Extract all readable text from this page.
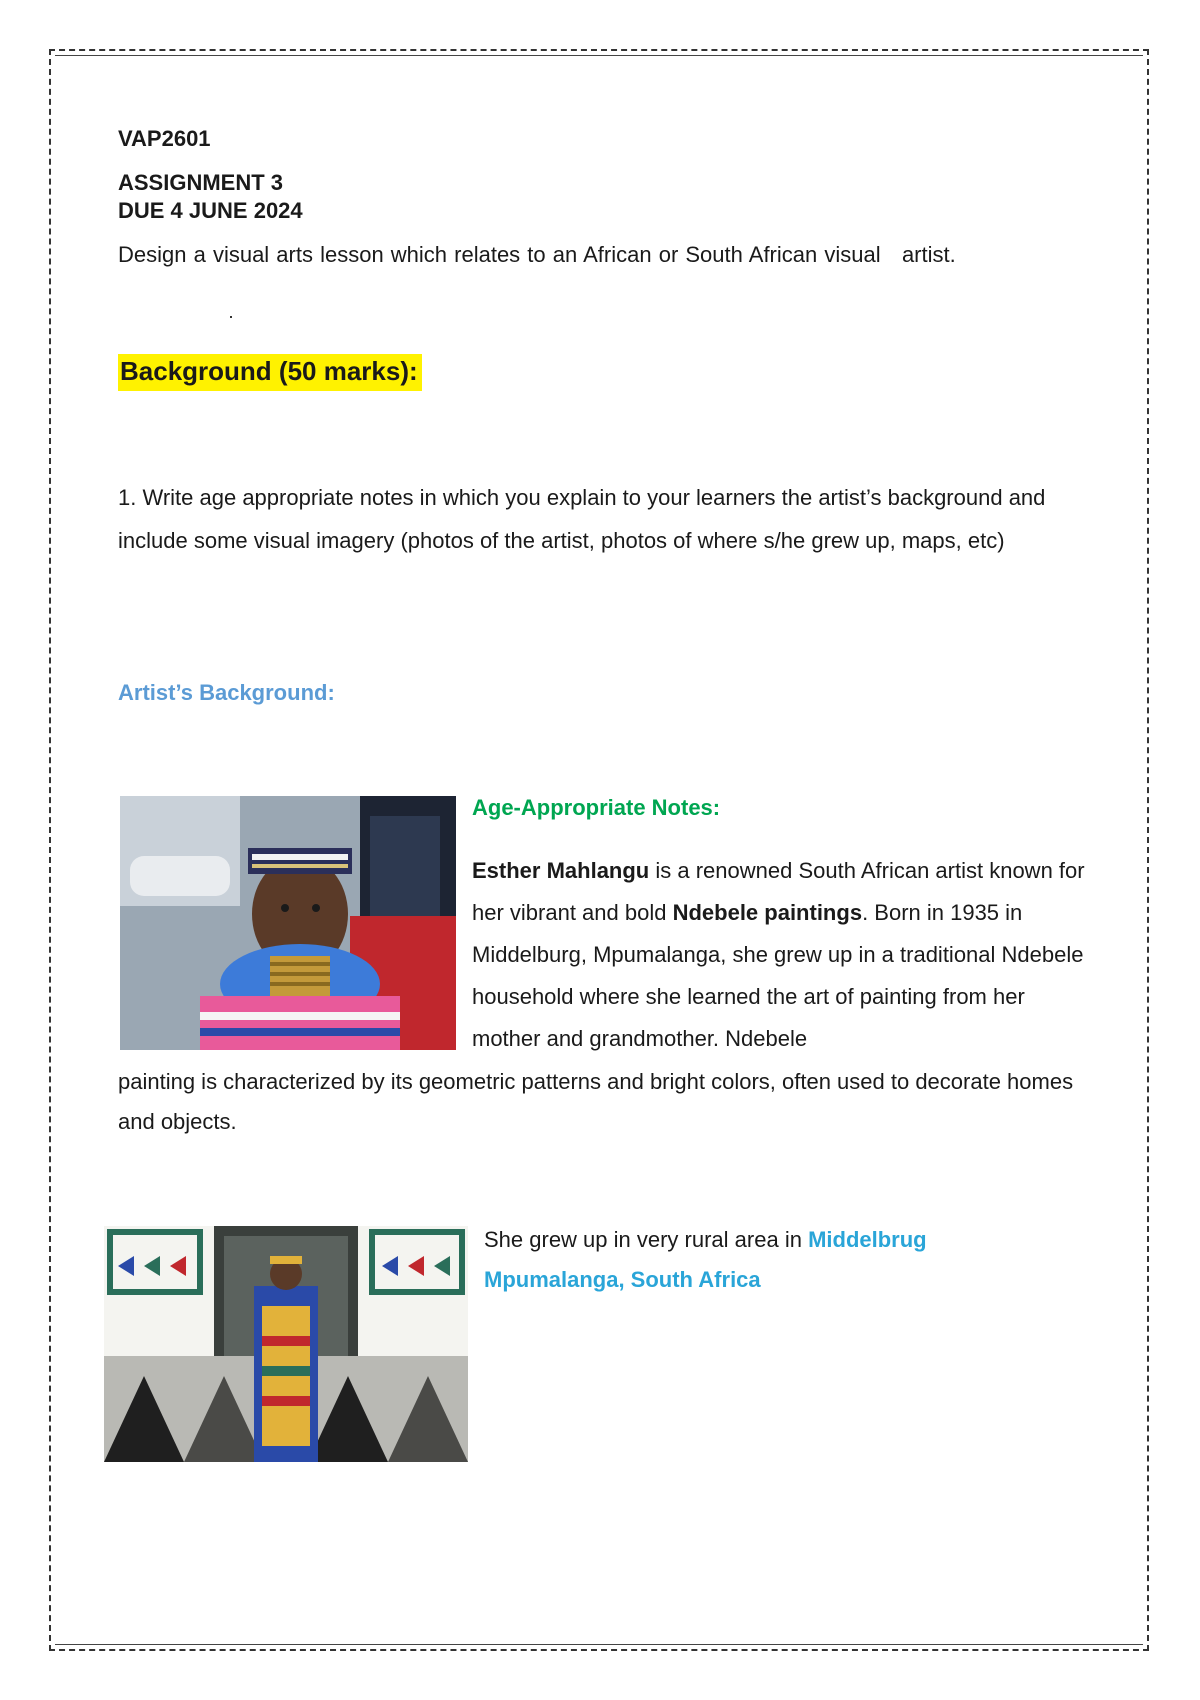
VAP2601
ASSIGNMENT 3
DUE 4 JUNE 2024
Design a visual arts lesson which relates to an African or South African visual   artist.
Background (50 marks):
1. Write age appropriate notes in which you explain to your learners the artist’s background and include some visual imagery (photos of the artist, photos of where s/he grew up, maps, etc)
Artist’s Background:
Age-Appropriate Notes:
Esther Mahlangu is a renowned South African artist known for her vibrant and bold Ndebele paintings. Born in 1935 in Middelburg, Mpumalanga, she grew up in a traditional Ndebele household where she learned the art of painting from her mother and grandmother. Ndebele
painting is characterized by its geometric patterns and bright colors, often used to decorate homes and objects.
She grew up in very rural area in Middelbrug
Mpumalanga, South Africa
